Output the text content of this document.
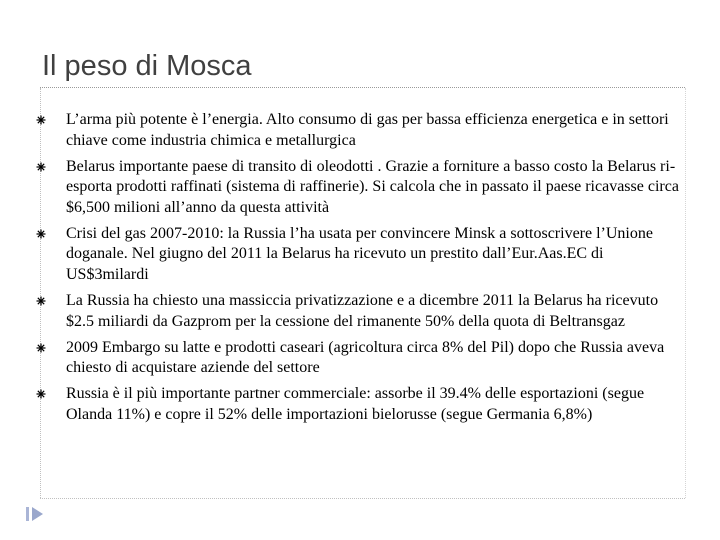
Il peso di Mosca
L’arma più potente è l’energia. Alto consumo di gas per bassa efficienza energetica e in settori chiave come industria chimica e metallurgica
Belarus importante paese di transito di oleodotti . Grazie a forniture a basso costo la Belarus ri-esporta prodotti raffinati (sistema di raffinerie). Si calcola che in passato il paese ricavasse circa $6,500 milioni all’anno da questa attività
Crisi del gas 2007-2010: la Russia l’ha usata per convincere Minsk a sottoscrivere l’Unione doganale. Nel giugno del 2011 la Belarus ha ricevuto un prestito dall’Eur.Aas.EC di US$3milardi
La Russia ha chiesto una massiccia privatizzazione e a dicembre 2011 la Belarus ha ricevuto $2.5 miliardi da Gazprom per la cessione del rimanente 50% della quota di Beltransgaz
2009 Embargo su latte e prodotti caseari (agricoltura circa 8% del Pil) dopo che Russia aveva chiesto di acquistare aziende del settore
Russia è il più importante partner commerciale: assorbe il 39.4% delle esportazioni (segue Olanda 11%) e copre il 52% delle importazioni bielorusse (segue Germania 6,8%)
